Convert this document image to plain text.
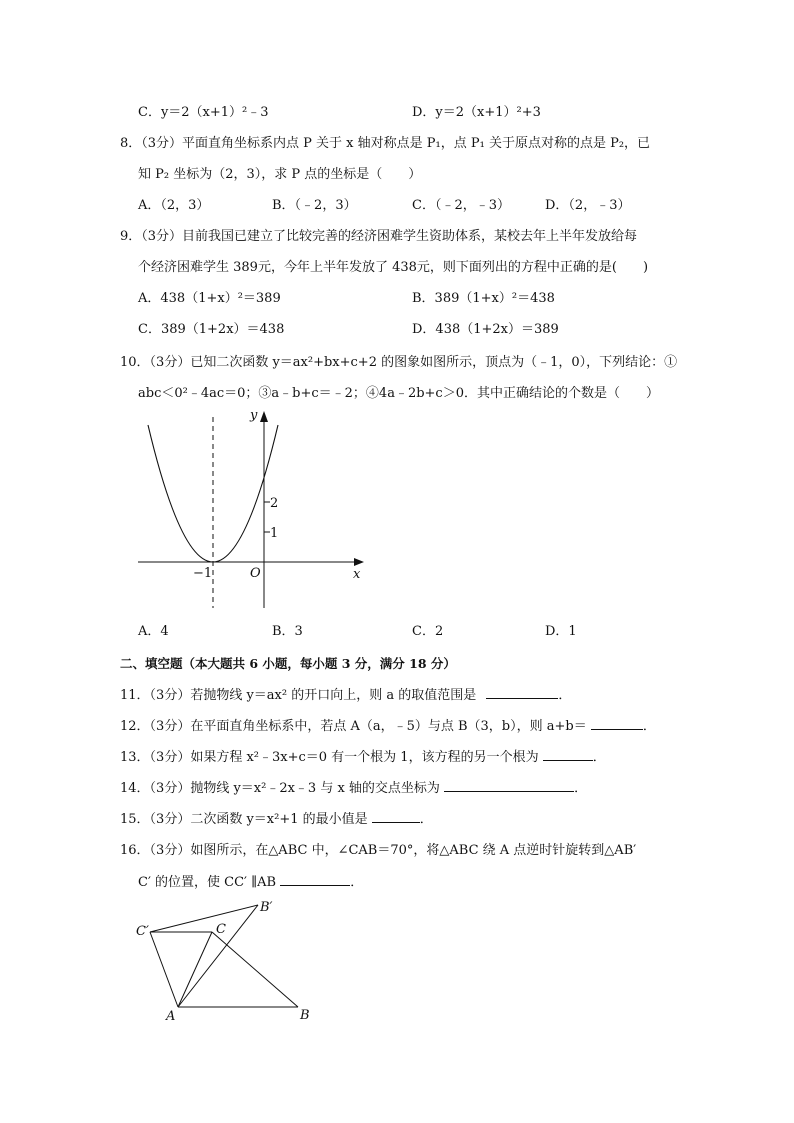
C．y＝2（x+1）²﹣3	D．y＝2（x+1）²+3
8．（3分）平面直角坐标系内点 P 关于 x 轴对称点是 P₁，点 P₁ 关于原点对称的点是 P₂，已
知 P₂ 坐标为（2，3），求 P 点的坐标是（　　）
A．（2，3）	B．（﹣2，3）	C．（﹣2，﹣3）	D．（2，﹣3）
9．（3分）目前我国已建立了比较完善的经济困难学生资助体系，某校去年上半年发放给每
个经济困难学生 389元，今年上半年发放了 438元，则下面列出的方程中正确的是(　　)
A．438（1+x）²＝389	B．389（1+x）²＝438
C．389（1+2x）＝438	D．438（1+2x）＝389
10．（3分）已知二次函数 y＝ax²+bx+c+2 的图象如图所示，顶点为（﹣1，0），下列结论：①
abc＜0²﹣4ac＝0；③a﹣b+c＝﹣2；④4a﹣2b+c＞0．其中正确结论的个数是（　　）
y
x
O
2
1
−1
A．4	B．3	C．2	D．1
二、填空题（本大题共 6 小题，每小题 3 分，满分 18 分）
11．（3分）若抛物线 y＝ax² 的开口向上，则 a 的取值范围是	．
12．（3分）在平面直角坐标系中，若点 A（a，﹣5）与点 B（3，b），则 a+b＝	．
13．（3分）如果方程 x²﹣3x+c＝0 有一个根为 1，该方程的另一个根为	．
14．（3分）抛物线 y＝x²﹣2x﹣3 与 x 轴的交点坐标为	．
15．（3分）二次函数 y＝x²+1 的最小值是	．
16．（3分）如图所示，在△ABC 中，∠CAB＝70°，将△ABC 绕 A 点逆时针旋转到△AB′
C′ 的位置，使 CC′ ∥AB	．
C′	C
B′
A	B
